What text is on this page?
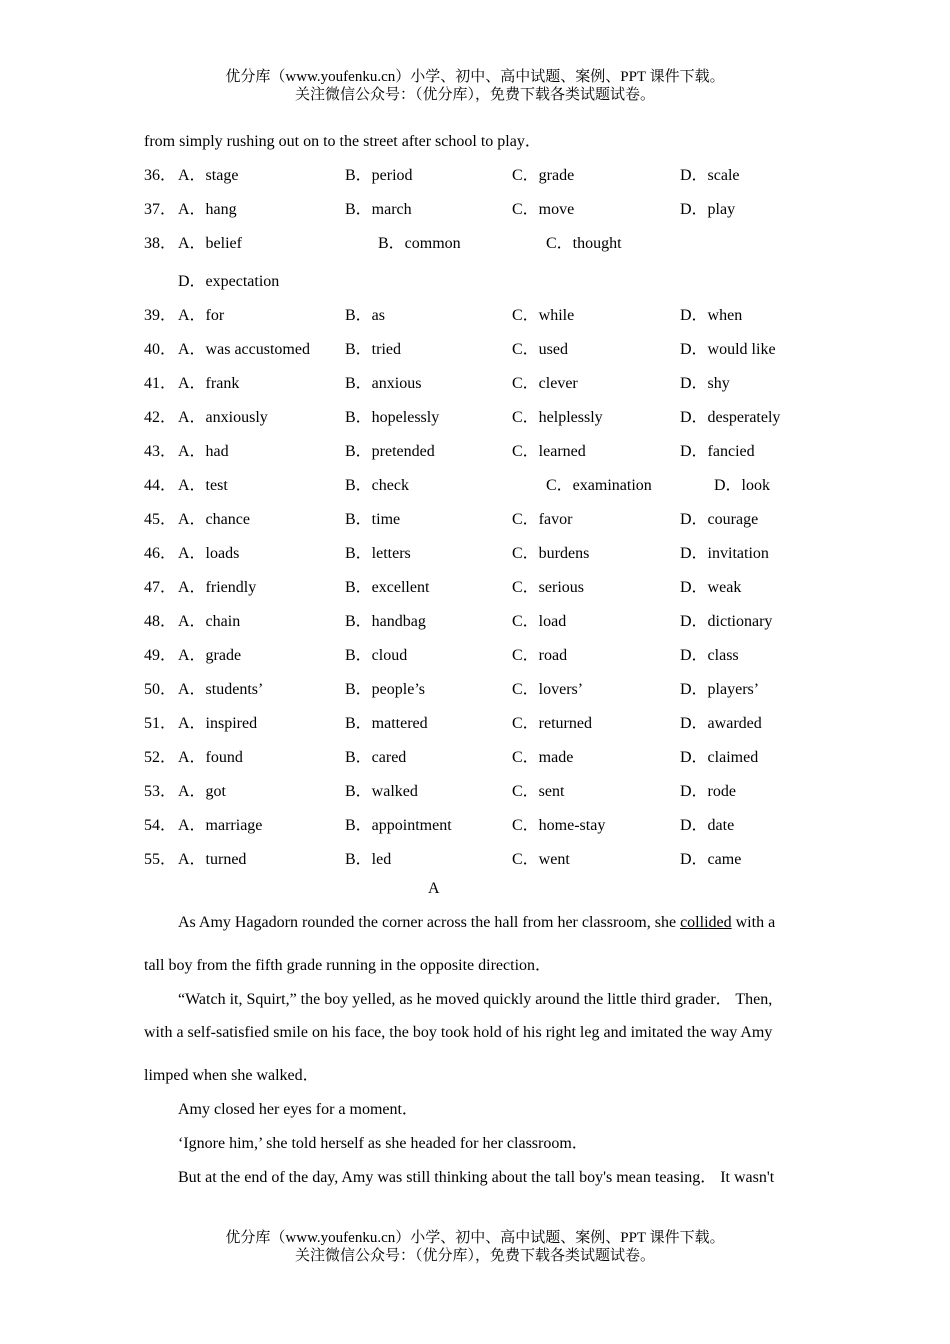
优分库（www.youfenku.cn）小学、初中、高中试题、案例、PPT 课件下载。
关注微信公众号：（优分库），免费下载各类试题试卷。
from simply rushing out on to the street after school to play．
36． A．stage	B．period	C．grade	D．scale
37． A．hang	B．march	C．move	D．play
38． A．belief	B．common	C．thought
D．expectation
39． A．for	B．as	C．while	D．when
40． A．was accustomed B．tried	C．used	D．would like
41． A．frank	B．anxious	C．clever	D．shy
42． A．anxiously	B．hopelessly	C．helplessly	D．desperately
43． A．had	B．pretended	C．learned	D．fancied
44． A．test	B．check	C．examination	D．look
45． A．chance	B．time	C．favor	D．courage
46． A．loads	B．letters	C．burdens	D．invitation
47． A．friendly	B．excellent	C．serious	D．weak
48． A．chain	B．handbag	C．load	D．dictionary
49． A．grade	B．cloud	C．road	D．class
50． A．students’	B．people’s	C．lovers’	D．players’
51． A．inspired	B．mattered	C．returned	D．awarded
52． A．found	B．cared	C．made	D．claimed
53． A．got	B．walked	C．sent	D．rode
54． A．marriage	B．appointment	C．home-stay	D．date
55． A．turned	B．led	C．went	D．came
A
As Amy Hagadorn rounded the corner across the hall from her classroom, she collided with a
tall boy from the fifth grade running in the opposite direction．
“Watch it, Squirt,” the boy yelled, as he moved quickly around the little third grader． Then,
with a self-satisfied smile on his face, the boy took hold of his right leg and imitated the way Amy
limped when she walked．
Amy closed her eyes for a moment．
‘Ignore him,’ she told herself as she headed for her classroom．
But at the end of the day, Amy was still thinking about the tall boy's mean teasing． It wasn't
优分库（www.youfenku.cn）小学、初中、高中试题、案例、PPT 课件下载。
关注微信公众号：（优分库），免费下载各类试题试卷。
